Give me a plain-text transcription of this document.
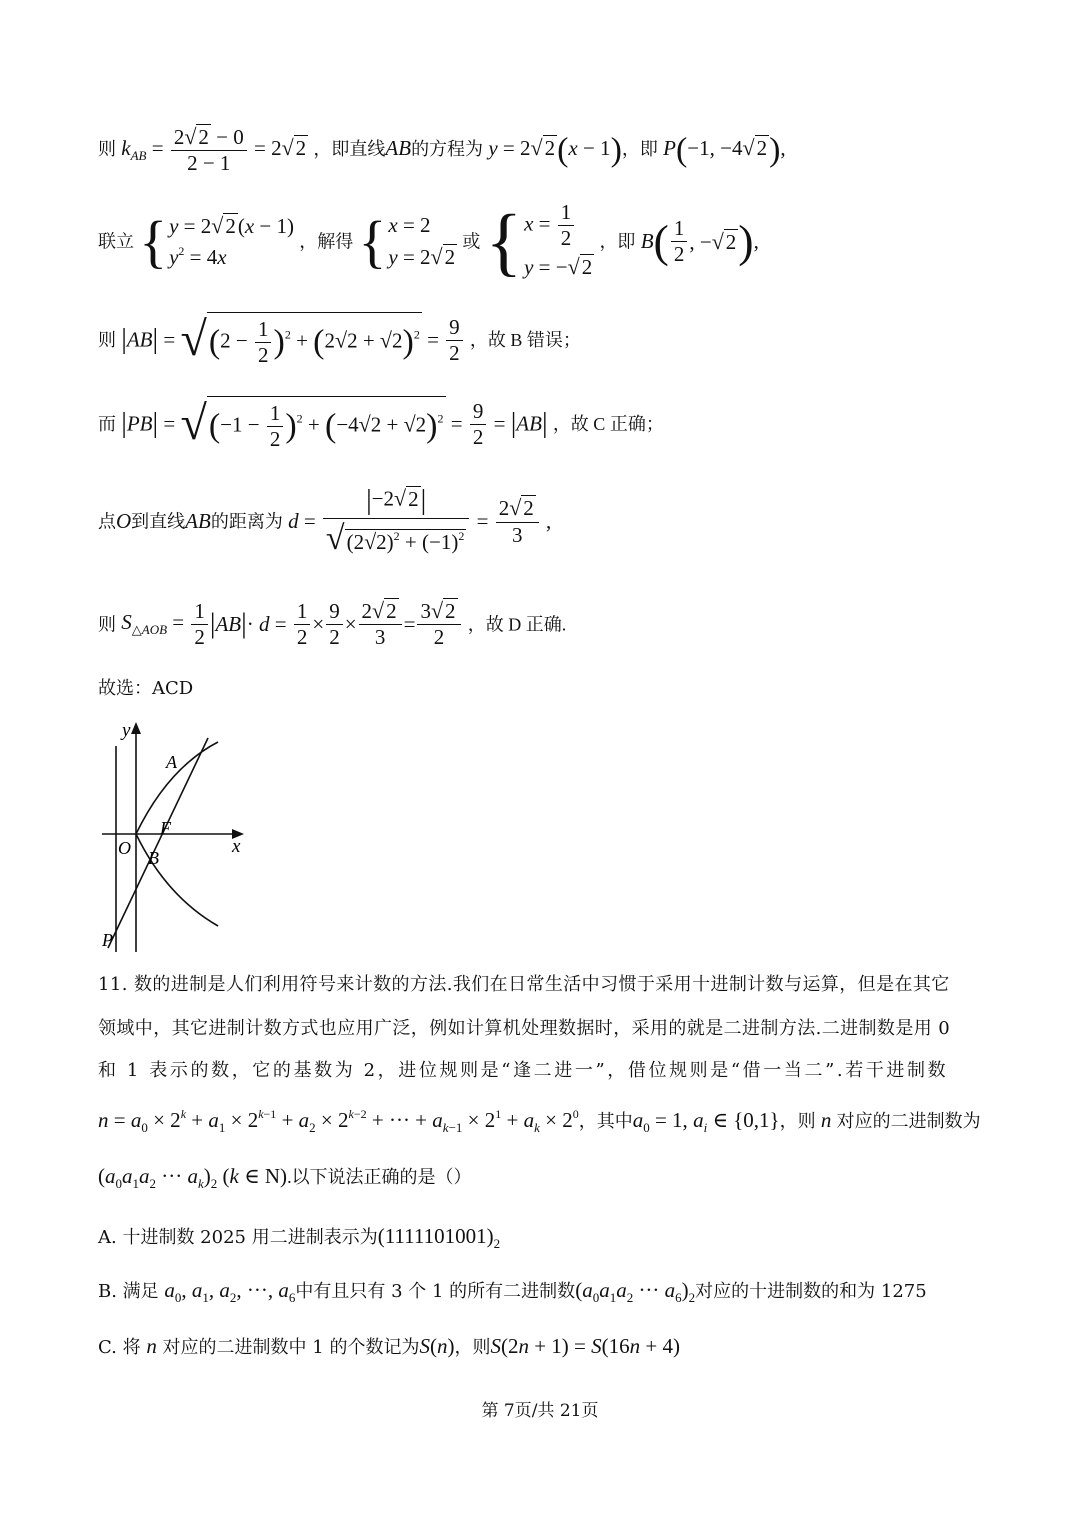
则 $k_{AB} = \frac{2√2 - 0}{2 - 1} = 2√2$ ，即直线AB的方程为 y = 2√2(x − 1)，即 P(−1, −4√2),
联立 { y = 2√2(x − 1)
$y^2 = 4x$
，解得 { x = 2
y = 2√2
或 { $x = \frac{1}{2}$
y = −√2
，即 $B( \frac{1}{2}$ , −√2),
则 $|AB| = √(2 - \frac{1}{2} )^2 + (2√2 + √2)^2 = \frac{9}{2}$ ，故 B 错误；
而 $|PB| = √(-1 - \frac{1}{2} )^2 + (-4√2 + √2)^2 = \frac{9}{2} = |AB|$ ，故 C 正确；
点O到直线AB的距离为 $d = \frac{|-2√2|}{√(2√2)^2 + (-1)^2} = \frac{2√2}{3}$ ,
则 $S_{\triangle AOB} = \frac{1}{2} |AB|\cdot d = \frac{1}{2} \times \frac{9}{2} \times \frac{2√2}{3} = \frac{3√2}{2}$ ，故 D 正确.
故选：ACD
y
x
A
F
O B
P
11. 数的进制是人们利用符号来计数的方法.我们在日常生活中习惯于采用十进制计数与运算，但是在其它
领域中，其它进制计数方式也应用广泛，例如计算机处理数据时，采用的就是二进制方法.二进制数是用 0
和 1 表示的数，它的基数为 2，进位规则是“逢二进一”，借位规则是“借一当二”.若干进制数
$n = a_0 \times 2^k + a_1 \times 2^{k-1} + a_2 \times 2^{k-2}$ + ··· + $a_{k-1} \times 2^1 + a_k \times 2^0$，其中$a_0 = 1$, $a_i$ ∈ {0,1}，则 n 对应的二进制数为
($a_0a_1a_2$ ··· $a_k)_2$ (k ∈ N).以下说法正确的是（）
A. 十进制数 2025 用二进制表示为$(1111101001)_2$
B. 满足 $a_0$, $a_1$, $a_2$, ···, $a_6$中有且只有 3 个 1 的所有二进制数($a_0a_1a_2$ ··· $a_6)_2$对应的十进制数的和为 1275
C. 将 n 对应的二进制数中 1 的个数记为S(n)，则S(2n + 1) = S(16n + 4)
第 7页/共 21页
